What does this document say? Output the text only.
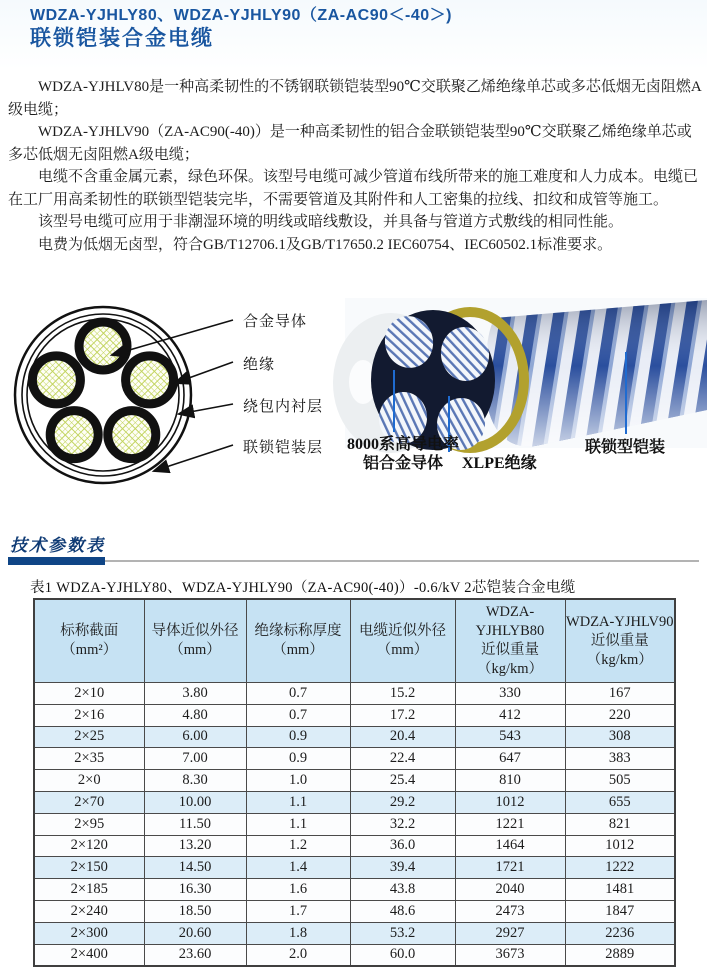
WDZA-YJHLY80、WDZA-YJHLY90（ZA-AC90＜-40＞)
联锁铠装合金电缆

WDZA-YJHLV80是一种高柔韧性的不锈钢联锁铠装型90℃交联聚乙烯绝缘单芯或多芯低烟无卤阻燃A级电缆；

WDZA-YJHLV90（ZA-AC90(-40)）是一种高柔韧性的铝合金联锁铠装型90℃交联聚乙烯绝缘单芯或多芯低烟无卤阻燃A级电缆；

电缆不含重金属元素，绿色环保。该型号电缆可减少管道布线所带来的施工难度和人力成本。电缆已在工厂用高柔韧性的联锁型铠装完毕，不需要管道及其附件和人工密集的拉线、扣纹和成管等施工。

该型号电缆可应用于非潮湿环境的明线或暗线敷设，并具备与管道方式敷线的相同性能。

电费为低烟无卤型，符合GB/T12706.1及GB/T17650.2 IEC60754、IEC60502.1标准要求。

合金导体
绝缘
绕包内衬层
联锁铠装层 8000系高导电率
铝合金导体	XLPE绝缘
联锁型铠装
技术参数表
表1 WDZA-YJHLY80、WDZA-YJHLY90（ZA-AC90(-40)）-0.6/kV 2芯铠装合金电缆
标称截面
（mm²）

导体近似外径
（mm）

绝缘标称厚度
（mm）

电缆近似外径
（mm）

WDZA-YJHLYB80
近似重量（kg/km）

WDZA-YJHLV90
近似重量（kg/km）

2×10	3.80	0.7	15.2	330	167
2×16	4.80	0.7	17.2	412	220
2×25	6.00	0.9	20.4	543	308
2×35	7.00	0.9	22.4	647	383
2×0	8.30	1.0	25.4	810	505
2×70	10.00	1.1	29.2	1012	655
2×95	11.50	1.1	32.2	1221	821
2×120	13.20	1.2	36.0	1464	1012
2×150	14.50	1.4	39.4	1721	1222
2×185	16.30	1.6	43.8	2040	1481
2×240	18.50	1.7	48.6	2473	1847
2×300	20.60	1.8	53.2	2927	2236
2×400	23.60	2.0	60.0	3673	2889
